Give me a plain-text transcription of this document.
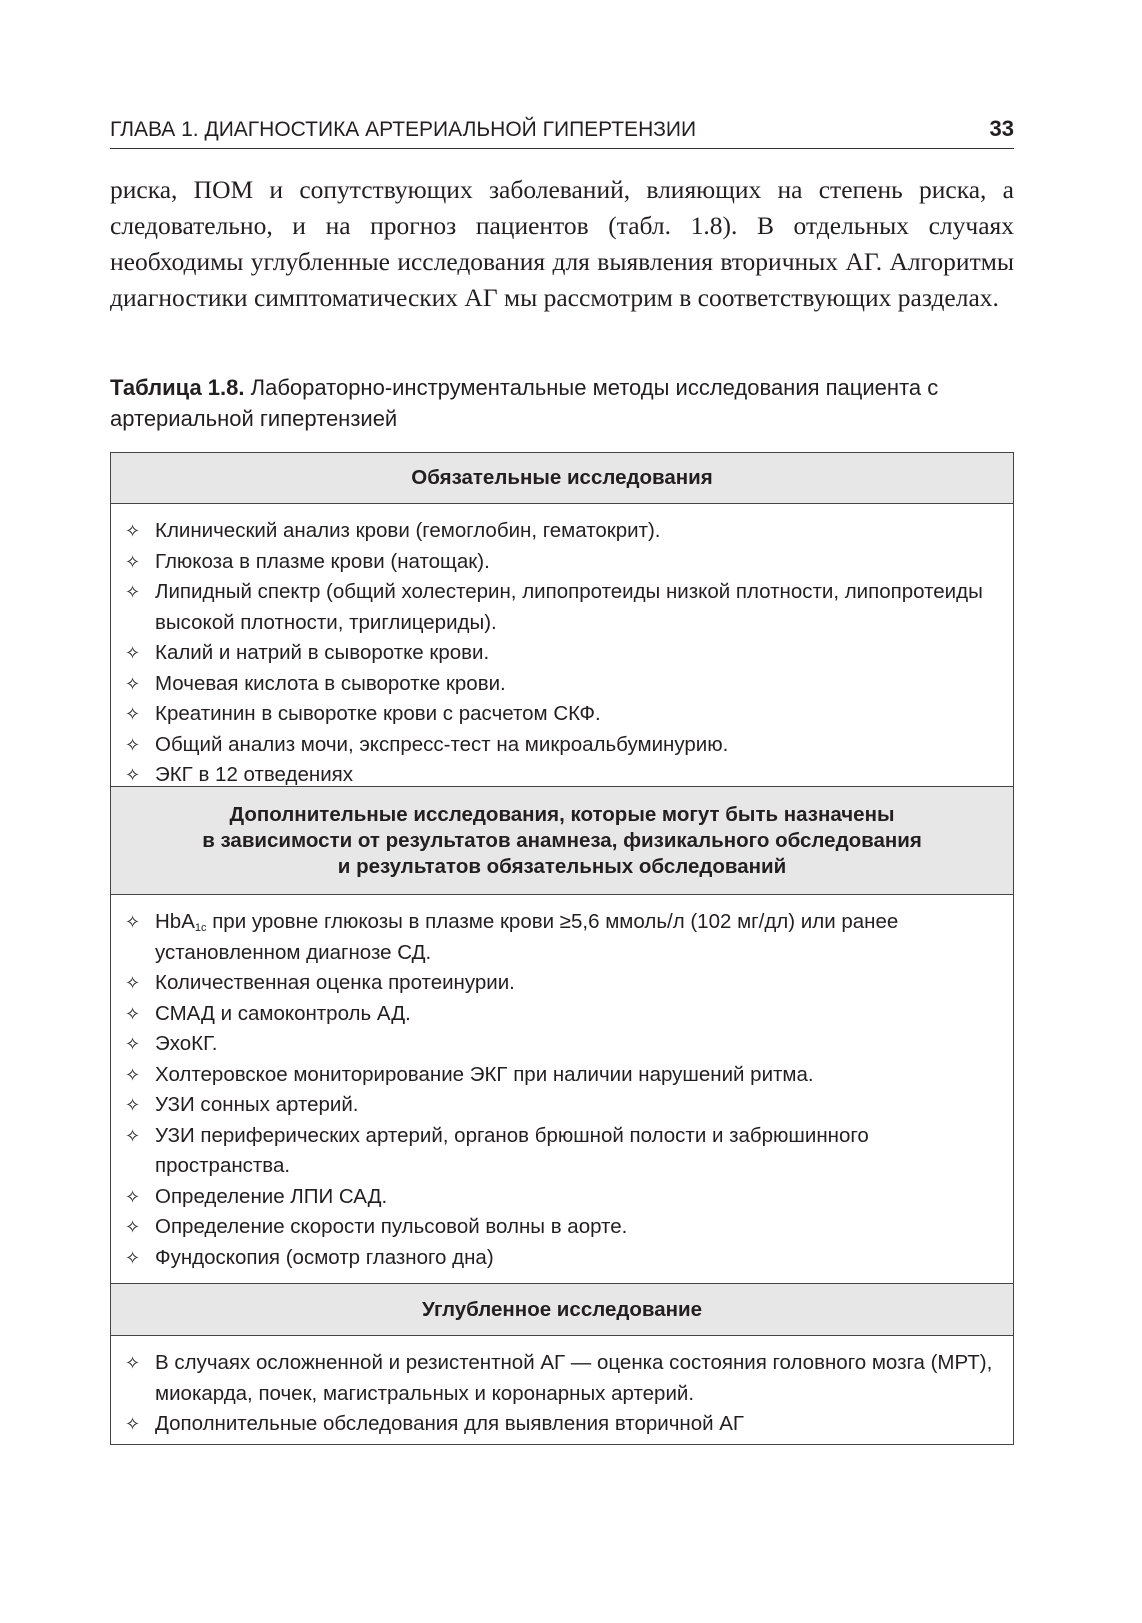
ГЛАВА 1. ДИАГНОСТИКА АРТЕРИАЛЬНОЙ ГИПЕРТЕНЗИИ	33

риска, ПОМ и сопутствующих заболеваний, влияющих на степень риска, а следовательно, и на прогноз пациентов (табл. 1.8). В отдельных случаях необходимы углубленные исследования для выявления вторичных АГ. Алгоритмы диагностики симптоматических АГ мы рассмотрим в соответствующих разделах.

Таблица 1.8. Лабораторно-инструментальные методы исследования пациента с артериальной гипертензией

Обязательные исследования

✧ Клинический анализ крови (гемоглобин, гематокрит).

✧ Глюкоза в плазме крови (натощак).

✧ Липидный спектр (общий холестерин, липопротеиды низкой плотности, липопротеиды высокой плотности, триглицериды).

✧ Калий и натрий в сыворотке крови.

✧ Мочевая кислота в сыворотке крови.

✧ Креатинин в сыворотке крови с расчетом СКФ.

✧ Общий анализ мочи, экспресс-тест на микроальбуминурию.

✧ ЭКГ в 12 отведениях

Дополнительные исследования, которые могут быть назначены
в зависимости от результатов анамнеза, физикального обследования
и результатов обязательных обследований

✧ HbA$_{1c}$ при уровне глюкозы в плазме крови ≥5,6 ммоль/л (102 мг/дл) или ранее установленном диагнозе СД.

✧ Количественная оценка протеинурии.

✧ СМАД и самоконтроль АД.

✧ ЭхоКГ.

✧ Холтеровское мониторирование ЭКГ при наличии нарушений ритма.

✧ УЗИ сонных артерий.

✧ УЗИ периферических артерий, органов брюшной полости и забрюшинного пространства.

✧ Определение ЛПИ САД.

✧ Определение скорости пульсовой волны в аорте.

✧ Фундоскопия (осмотр глазного дна)

Углубленное исследование

✧ В случаях осложненной и резистентной АГ — оценка состояния головного мозга (МРТ), миокарда, почек, магистральных и коронарных артерий.

✧ Дополнительные обследования для выявления вторичной АГ
